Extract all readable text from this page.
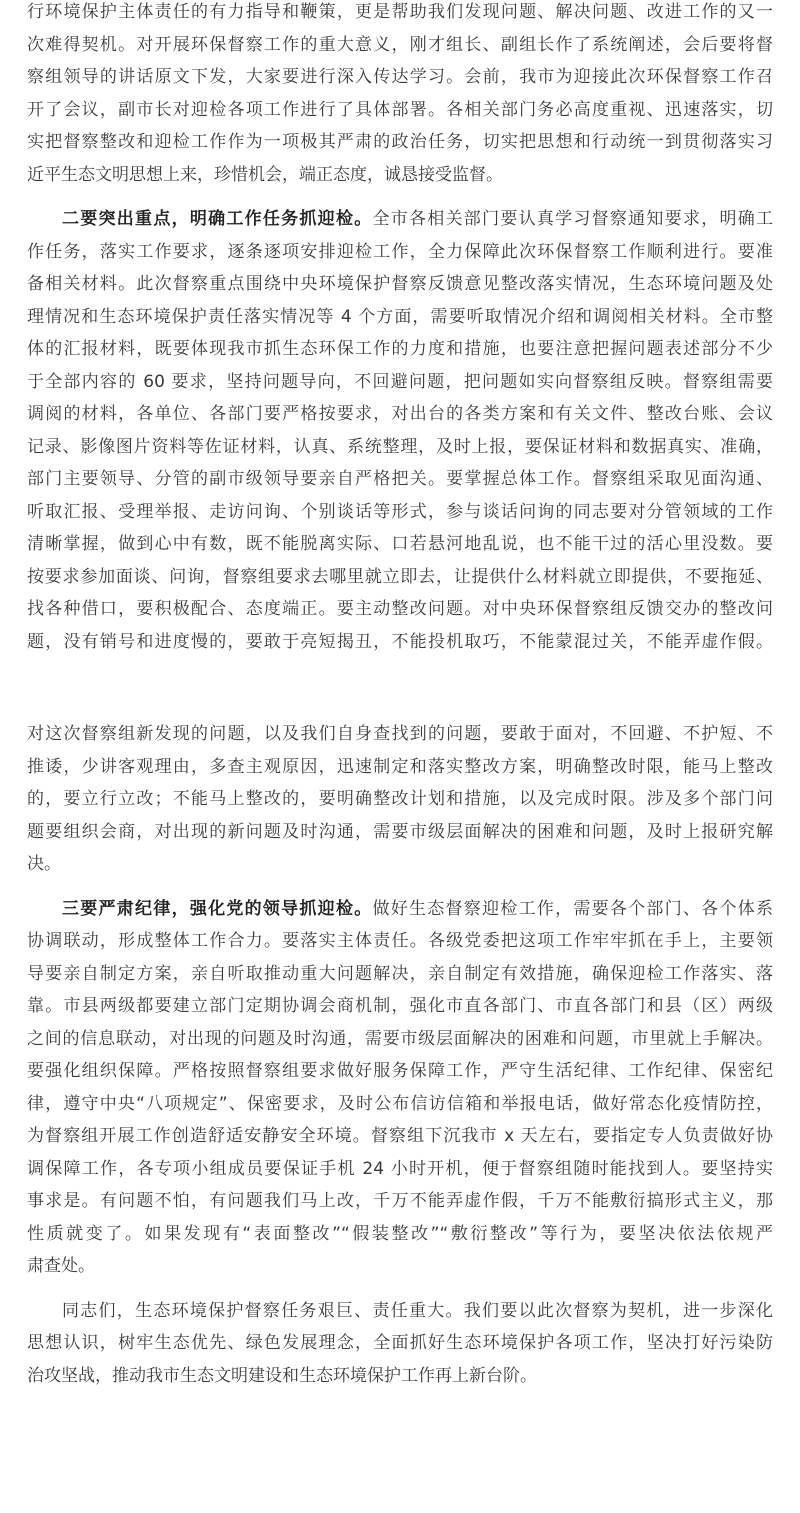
行环境保护主体责任的有力指导和鞭策，更是帮助我们发现问题、解决问题、改进工作的又一
次难得契机。对开展环保督察工作的重大意义，刚才组长、副组长作了系统阐述，会后要将督
察组领导的讲话原文下发，大家要进行深入传达学习。会前，我市为迎接此次环保督察工作召
开了会议，副市长对迎检各项工作进行了具体部署。各相关部门务必高度重视、迅速落实，切
实把督察整改和迎检工作作为一项极其严肃的政治任务，切实把思想和行动统一到贯彻落实习
近平生态文明思想上来，珍惜机会，端正态度，诚恳接受监督。
二要突出重点，明确工作任务抓迎检。全市各相关部门要认真学习督察通知要求，明确工
作任务，落实工作要求，逐条逐项安排迎检工作，全力保障此次环保督察工作顺利进行。要准
备相关材料。此次督察重点围绕中央环境保护督察反馈意见整改落实情况，生态环境问题及处
理情况和生态环境保护责任落实情况等 4 个方面，需要听取情况介绍和调阅相关材料。全市整
体的汇报材料，既要体现我市抓生态环保工作的力度和措施，也要注意把握问题表述部分不少
于全部内容的 60 要求，坚持问题导向，不回避问题，把问题如实向督察组反映。督察组需要
调阅的材料，各单位、各部门要严格按要求，对出台的各类方案和有关文件、整改台账、会议
记录、影像图片资料等佐证材料，认真、系统整理，及时上报，要保证材料和数据真实、准确，
部门主要领导、分管的副市级领导要亲自严格把关。要掌握总体工作。督察组采取见面沟通、
听取汇报、受理举报、走访问询、个别谈话等形式，参与谈话问询的同志要对分管领域的工作
清晰掌握，做到心中有数，既不能脱离实际、口若悬河地乱说，也不能干过的活心里没数。要
按要求参加面谈、问询，督察组要求去哪里就立即去，让提供什么材料就立即提供，不要拖延、
找各种借口，要积极配合、态度端正。要主动整改问题。对中央环保督察组反馈交办的整改问
题，没有销号和进度慢的，要敢于亮短揭丑，不能投机取巧，不能蒙混过关，不能弄虚作假。
对这次督察组新发现的问题，以及我们自身查找到的问题，要敢于面对，不回避、不护短、不
推诿，少讲客观理由，多查主观原因，迅速制定和落实整改方案，明确整改时限，能马上整改
的，要立行立改；不能马上整改的，要明确整改计划和措施，以及完成时限。涉及多个部门问
题要组织会商，对出现的新问题及时沟通，需要市级层面解决的困难和问题，及时上报研究解
决。
三要严肃纪律，强化党的领导抓迎检。做好生态督察迎检工作，需要各个部门、各个体系
协调联动，形成整体工作合力。要落实主体责任。各级党委把这项工作牢牢抓在手上，主要领
导要亲自制定方案，亲自听取推动重大问题解决，亲自制定有效措施，确保迎检工作落实、落
靠。市县两级都要建立部门定期协调会商机制，强化市直各部门、市直各部门和县（区）两级
之间的信息联动，对出现的问题及时沟通，需要市级层面解决的困难和问题，市里就上手解决。
要强化组织保障。严格按照督察组要求做好服务保障工作，严守生活纪律、工作纪律、保密纪
律，遵守中央“八项规定”、保密要求，及时公布信访信箱和举报电话，做好常态化疫情防控，
为督察组开展工作创造舒适安静安全环境。督察组下沉我市 x 天左右，要指定专人负责做好协
调保障工作，各专项小组成员要保证手机 24 小时开机，便于督察组随时能找到人。要坚持实
事求是。有问题不怕，有问题我们马上改，千万不能弄虚作假，千万不能敷衍搞形式主义，那
性质就变了。如果发现有“表面整改”“假装整改”“敷衍整改”等行为，要坚决依法依规严
肃查处。
同志们，生态环境保护督察任务艰巨、责任重大。我们要以此次督察为契机，进一步深化
思想认识，树牢生态优先、绿色发展理念，全面抓好生态环境保护各项工作，坚决打好污染防
治攻坚战，推动我市生态文明建设和生态环境保护工作再上新台阶。
